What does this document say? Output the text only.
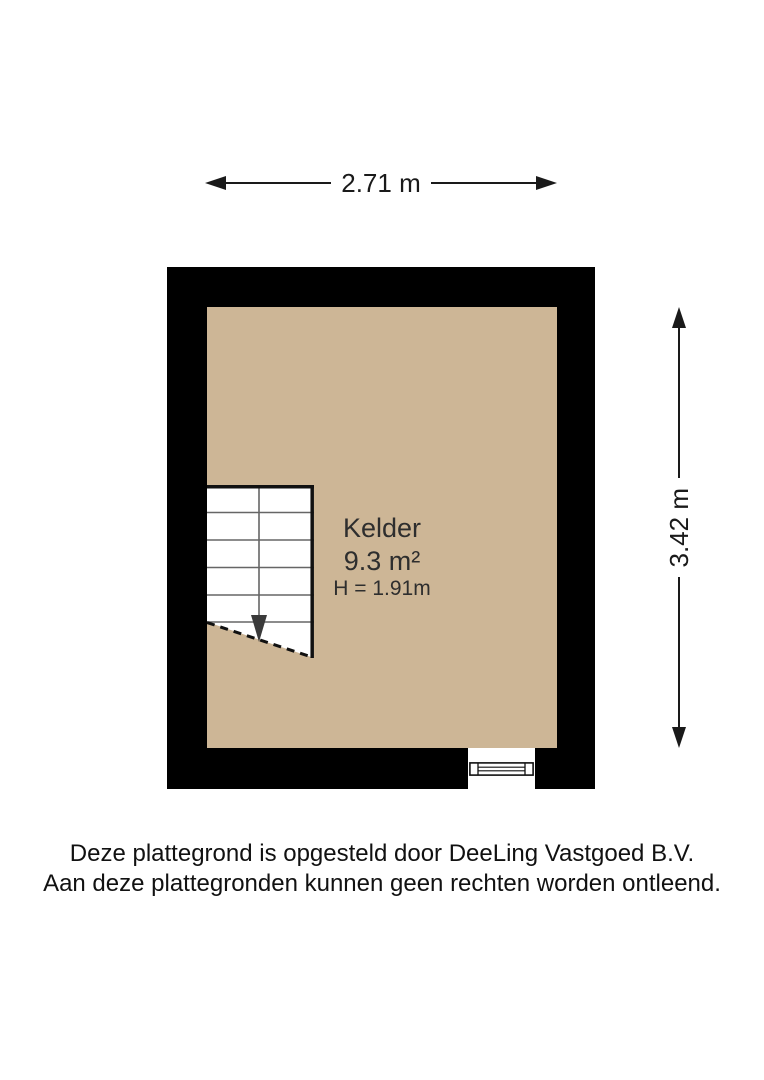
2.71 m
Kelder
9.3 m²
H = 1.91m
3.42 m
Deze plattegrond is opgesteld door DeeLing Vastgoed B.V.
Aan deze plattegronden kunnen geen rechten worden ontleend.
